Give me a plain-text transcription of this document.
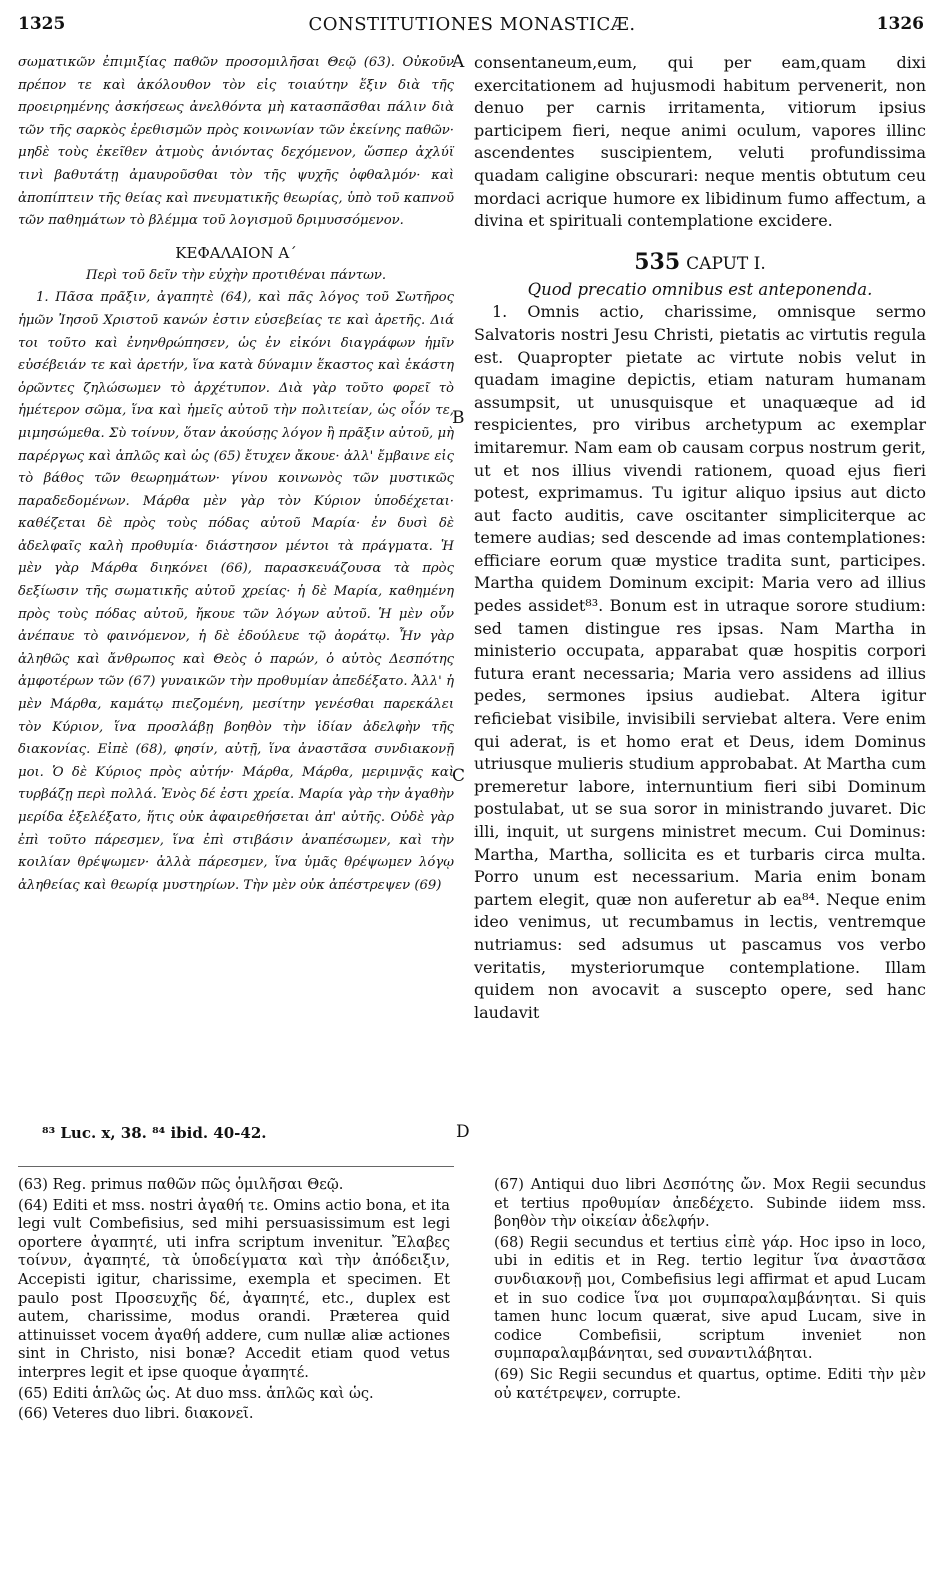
1325	CONSTITUTIONES MONASTICÆ.	1326

σωματικῶν ἐπιμιξίας παθῶν προσομιλῆσαι Θεῷ (63). Οὐκοῦν πρέπον τε καὶ ἀκόλουθον τὸν εἰς τοιαύτην ἕξιν διὰ τῆς προειρημένης ἀσκήσεως ἀνελθόντα μὴ κατασπᾶσθαι πάλιν διὰ τῶν τῆς σαρκὸς ἐρεθισμῶν πρὸς κοινωνίαν τῶν ἐκείνης παθῶν· μηδὲ τοὺς ἐκεῖθεν ἀτμοὺς ἀνιόντας δεχόμενον, ὥσπερ ἀχλύϊ τινὶ βαθυτάτῃ ἀμαυροῦσθαι τὸν τῆς ψυχῆς ὀφθαλμόν· καὶ ἀποπίπτειν τῆς θείας καὶ πνευματικῆς θεωρίας, ὑπὸ τοῦ καπνοῦ τῶν παθημάτων τὸ βλέμμα τοῦ λογισμοῦ δριμυσσόμενον.

ΚΕΦΑΛΑΙΟΝ Α΄

Περὶ τοῦ δεῖν τὴν εὐχὴν προτιθέναι πάντων.

1. Πᾶσα πρᾶξιν, ἀγαπητὲ (64), καὶ πᾶς λόγος τοῦ Σωτῆρος ἡμῶν Ἰησοῦ Χριστοῦ κανών ἐστιν εὐσεβείας τε καὶ ἀρετῆς. Διά τοι τοῦτο καὶ ἐνηνθρώπησεν, ὡς ἐν εἰκόνι διαγράφων ἡμῖν εὐσέβειάν τε καὶ ἀρετήν, ἵνα κατὰ δύναμιν ἕκαστος καὶ ἑκάστη ὁρῶντες ζηλώσωμεν τὸ ἀρχέτυπον. Διὰ γὰρ τοῦτο φορεῖ τὸ ἡμέτερον σῶμα, ἵνα καὶ ἡμεῖς αὐτοῦ τὴν πολιτείαν, ὡς οἷόν τε, μιμησώμεθα. Σὺ τοίνυν, ὅταν ἀκούσῃς λόγον ἢ πρᾶξιν αὐτοῦ, μὴ παρέργως καὶ ἁπλῶς καὶ ὡς (65) ἔτυχεν ἄκουε· ἀλλ' ἔμβαινε εἰς τὸ βάθος τῶν θεωρημάτων· γίνου κοινωνὸς τῶν μυστικῶς παραδεδομένων. Μάρθα μὲν γὰρ τὸν Κύριον ὑποδέχεται· καθέζεται δὲ πρὸς τοὺς πόδας αὐτοῦ Μαρία· ἐν δυσὶ δὲ ἀδελφαῖς καλὴ προθυμία· διάστησον μέντοι τὰ πράγματα. Ἡ μὲν γὰρ Μάρθα διηκόνει (66), παρασκευάζουσα τὰ πρὸς δεξίωσιν τῆς σωματικῆς αὐτοῦ χρείας· ἡ δὲ Μαρία, καθημένη πρὸς τοὺς πόδας αὐτοῦ, ἤκουε τῶν λόγων αὐτοῦ. Ἡ μὲν οὖν ἀνέπαυε τὸ φαινόμενον, ἡ δὲ ἐδούλευε τῷ ἀοράτῳ. Ἦν γὰρ ἀληθῶς καὶ ἄνθρωπος καὶ Θεὸς ὁ παρών, ὁ αὐτὸς Δεσπότης ἀμφοτέρων τῶν (67) γυναικῶν τὴν προθυμίαν ἀπεδέξατο. Ἀλλ' ἡ μὲν Μάρθα, καμάτῳ πιεζομένη, μεσίτην γενέσθαι παρεκάλει τὸν Κύριον, ἵνα προσλάβῃ βοηθὸν τὴν ἰδίαν ἀδελφὴν τῆς διακονίας. Εἰπὲ (68), φησίν, αὐτῇ, ἵνα ἀναστᾶσα συνδιακονῇ μοι. Ὁ δὲ Κύριος πρὸς αὐτήν· Μάρθα, Μάρθα, μεριμνᾷς καὶ τυρβάζῃ περὶ πολλά. Ἑνὸς δέ ἐστι χρεία. Μαρία γὰρ τὴν ἀγαθὴν μερίδα ἐξελέξατο, ἥτις οὐκ ἀφαιρεθήσεται ἀπ' αὐτῆς. Οὐδὲ γὰρ ἐπὶ τοῦτο πάρεσμεν, ἵνα ἐπὶ στιβάσιν ἀναπέσωμεν, καὶ τὴν κοιλίαν θρέψωμεν· ἀλλὰ πάρεσμεν, ἵνα ὑμᾶς θρέψωμεν λόγῳ ἀληθείας καὶ θεωρίᾳ μυστηρίων. Τὴν μὲν οὐκ ἀπέστρεψεν (69)

A
B
C
D

consentaneum,eum, qui per eam,quam dixi exercitationem ad hujusmodi habitum pervenerit, non denuo per carnis irritamenta, vitiorum ipsius participem fieri, neque animi oculum, vapores illinc ascendentes suscipientem, veluti profundissima quadam caligine obscurari: neque mentis obtutum ceu mordaci acrique humore ex libidinum fumo affectum, a divina et spirituali contemplatione excidere.

535 CAPUT I.

Quod precatio omnibus est anteponenda.

1. Omnis actio, charissime, omnisque sermo Salvatoris nostri Jesu Christi, pietatis ac virtutis regula est. Quapropter pietate ac virtute nobis velut in quadam imagine depictis, etiam naturam humanam assumpsit, ut unusquisque et unaquæque ad id respicientes, pro viribus archetypum ac exemplar imitaremur. Nam eam ob causam corpus nostrum gerit, ut et nos illius vivendi rationem, quoad ejus fieri potest, exprimamus. Tu igitur aliquo ipsius aut dicto aut facto auditis, cave oscitanter simpliciterque ac temere audias; sed descende ad imas contemplationes: efficiare eorum quæ mystice tradita sunt, participes. Martha quidem Dominum excipit: Maria vero ad illius pedes assidet⁸³. Bonum est in utraque sorore studium: sed tamen distingue res ipsas. Nam Martha in ministerio occupata, apparabat quæ hospitis corpori futura erant necessaria; Maria vero assidens ad illius pedes, sermones ipsius audiebat. Altera igitur reficiebat visibile, invisibili serviebat altera. Vere enim qui aderat, is et homo erat et Deus, idem Dominus utriusque mulieris studium approbabat. At Martha cum premeretur labore, internuntium fieri sibi Dominum postulabat, ut se sua soror in ministrando juvaret. Dic illi, inquit, ut surgens ministret mecum. Cui Dominus: Martha, Martha, sollicita es et turbaris circa multa. Porro unum est necessarium. Maria enim bonam partem elegit, quæ non auferetur ab ea⁸⁴. Neque enim ideo venimus, ut recumbamus in lectis, ventremque nutriamus: sed adsumus ut pascamus vos verbo veritatis, mysteriorumque contemplatione. Illam quidem non avocavit a suscepto opere, sed hanc laudavit

⁸³ Luc. x, 38. ⁸⁴ ibid. 40-42.

(63) Reg. primus παθῶν πῶς ὁμιλῆσαι Θεῷ.

(64) Editi et mss. nostri ἀγαθή τε. Omins actio bona, et ita legi vult Combefisius, sed mihi persuasissimum est legi oportere ἀγαπητέ, uti infra scriptum invenitur. Ἔλαβες τοίνυν, ἀγαπητέ, τὰ ὑποδείγματα καὶ τὴν ἀπόδειξιν, Accepisti igitur, charissime, exempla et specimen. Et paulo post Προσευχῆς δέ, ἀγαπητέ, etc., duplex est autem, charissime, modus orandi. Præterea quid attinuisset vocem ἀγαθή addere, cum nullæ aliæ actiones sint in Christo, nisi bonæ? Accedit etiam quod vetus interpres legit et ipse quoque ἀγαπητέ.

(65) Editi ἁπλῶς ὡς. At duo mss. ἁπλῶς καὶ ὡς.

(66) Veteres duo libri. διακονεῖ.

(67) Antiqui duo libri Δεσπότης ὤν. Mox Regii secundus et tertius προθυμίαν ἀπεδέχετο. Subinde iidem mss. βοηθὸν τὴν οἰκείαν ἀδελφήν.

(68) Regii secundus et tertius εἰπὲ γάρ. Hoc ipso in loco, ubi in editis et in Reg. tertio legitur ἵνα ἀναστᾶσα συνδιακονῇ μοι, Combefisius legi affirmat et apud Lucam et in suo codice ἵνα μοι συμπαραλαμβάνηται. Si quis tamen hunc locum quærat, sive apud Lucam, sive in codice Combefisii, scriptum inveniet non συμπαραλαμβάνηται, sed συναντιλάβηται.

(69) Sic Regii secundus et quartus, optime. Editi τὴν μὲν οὐ κατέτρεψεν, corrupte.
